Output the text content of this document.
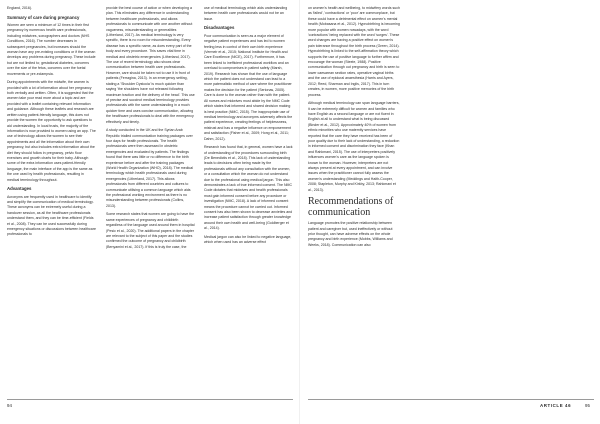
England, 2016).

Summary of care during pregnancy

Women are seen a minimum of 12 times in their first pregnancy by numerous health care professionals, including midwives, sonographers and doctors (NHS Conditions, 2016). The number decreases in subsequent pregnancies, but increases should the woman have any pre-existing conditions or if the woman develops any problems during pregnancy. These include but are not limited to; gestational diabetes, concerns over the size of the fetus, concerns over the foetal movements or pre-eclampsia.

During appointments with the midwife, the women is provided with a lot of information about her pregnancy both verbally and written. Often, it is suggested that the women take your read more about a topic and are provided with a leaflet containing relevant information and guidance. Although these leaflets and research are written using patient-friendly language, this does not provide the women the opportunity to ask questions to aid understanding. In local trusts, the majority of the information is now provided to women using an app. The use of technology allows the women to see their appointments and all the information about their own pregnancy, but also includes extra information about the diet they should follow in pregnancy, pelvic floor exercises and growth charts for their baby. Although some of the extra information uses patient-friendly language, the main interface of the app is the same as the one used by health professionals, resulting in medical terminology throughout.

Advantages

Acronyms are frequently used in healthcare to identify and simplify the communication of medical terminology. These acronyms can be extremely useful during a handover session, as all the healthcare professionals understand them, and they can be time-efficient (Fields et al., 2008). They can be used successfully during emergency situations or discussions between healthcare professionals to

provide the best course of action or when developing a plan. This eliminates any difference in understanding between healthcare professionals, and allows professionals to communicate with one another without vagueness, misunderstanding or generalities (Litherland, 2017). As medical terminology is very specific, there is no room for misunderstanding. Every disease has a specific name, as does every part of the body and every procedure. This saves vital time in medical and obstetric emergencies (Litherland, 2017). The use of recent terminology also shows clear communication between health care professionals. However, care should be taken not to use it in front of patients (Ferragina, 2013). In an emergency setting, stating a 'Shoulder Dystocia' is much quicker than saying 'the shoulders have not released following maximum traction and the delivery of the head'. This use of precise and succinct medical terminology provides professionals with the same understanding in a much quicker time and uses concise communication, allowing the healthcare professionals to deal with the emergency effectively and timely.

A study conducted in the UK and the Syrian Arab Republic trialled communication training packages over four days for health professionals. The health professionals were then assessed in obstetric emergencies and evaluated by patients. The findings found that there was little or no difference to the birth experience before and after the training packages (World Health Organization (WHO), 2018). The medical terminology which health professionals used during emergencies (Litherland, 2017). This allows professionals from different countries and cultures to communicate utilising a common language which aids the professional working environment as there is no misunderstanding between professionals (Collins, 2013).

Some research states that women are going to have the same experiences of pregnancy and childbirth regardless of the language used around them in hospital (Pesic et al., 2020). The additional papers in the chapter are relevant to the subject of this paper and the studies confirmed the outcome of pregnancy and childbirth (Benyamini et al., 2017). If this is truly the case, the

use of medical terminology which aids understanding between health care professionals would not be an issue.

Disadvantages

Poor communication is seen as a major element of negative patient experiences and has led to women feeling less in control of their own birth experience (Vermeir et al., 2015; National Institute for Health and Care Excellence (NICE), 2017). Furthermore, it has been linked to inefficient professional workflow and an overload to compromises in patient safety (Marsh, 2019). Research has shown that the use of language which the patient does not understand can lead to a more paternalistic method of care where the practitioner makes the decision for the patient (Serionas, 2005). Care is done to the woman rather than with the patient. All nurses and midwives must abide by the NMC Code which states that informed and shared decision making is best practice (NMC, 2015). The inappropriate use of medical terminology and acronyms adversely affects the patient experience, creating feelings of helplessness, mistrust and has a negative influence on empowerment and satisfaction (Fisher et al., 2009; Hong et al., 2011; Dahm, 2012).

Research has found that, in general, women have a lack of understanding of the procedures surrounding birth (De Benedictis et al., 2018). This lack of understanding leads to decisions often being made by the professionals without any consultation with the women, or a consultation which the woman do not understand due to the professional using medical jargon. This also demonstrates a lack of true informed consent. The NMC Code dictates that midwives and health professionals must gain informed consent before any procedure or investigation (NMC, 2018). A lack of informed consent means the procedure cannot be carried out. Informed consent has also been shown to decrease anxieties and increase patient satisfaction through greater knowledge around their own health and well-being (Goldberger et al., 2014).

Medical jargon can also be linked to negative language, which when used has an adverse effect

94

on women's health and wellbeing, to midwifery words such as 'failed', 'contractions' or 'poor' are commonplace, but these could have a detrimental effect on women's mental health (Mobasana et al., 2012). Hypnobirthing is becoming more popular with women nowadays, with the word 'contractions' being replaced with the word 'surges'. These word changes are having a positive effect on women's pain tolerance throughout the birth process (Green, 2014). Hypnobirthing is linked to the self-affirmation theory which supports the use of positive language to further affirm and encourage the woman (Steele, 1988). Positive communication through out pregnancy and birth is seen to lower caesarean section rates, operative vaginal births and the use of epidural anaesthesia (Harris and Ayers, 2012; Reed, Sharman and Inglis, 2017). This in turn creates, in women, more positive memories of the birth process.

Although medical terminology can span language barriers, it can be extremely difficult for women and families who have English as a second language or are not fluent in English at all to understand what is being discussed (Binder et al., 2012). Approximately 40% of women from ethnic minorities who use maternity services have reported that the care they have received has been of poor quality due to their lack of understanding, a reduction in informed consent and discrimination they face (Khan and Rahkmani, 2015). The use of interpreters positively influences women's care as the language spoken is known to the woman. However, interpreters are not always present at every appointment, and can involve issues when the practitioner cannot fully assess the women's understanding (Meddings and Haith-Cooper, 2008; Stapleton, Murphy and Kirkby, 2013; Rahkmani et al., 2013).

Recommendations of communication

Language promotes the positive relationship between patient and caregiver but, used ineffectively or without prior thought, can have adverse effects on the whole pregnancy and birth experience (Mobbs, Williams and Weeks, 2018). Communication can also

ARTICLE 46	95
